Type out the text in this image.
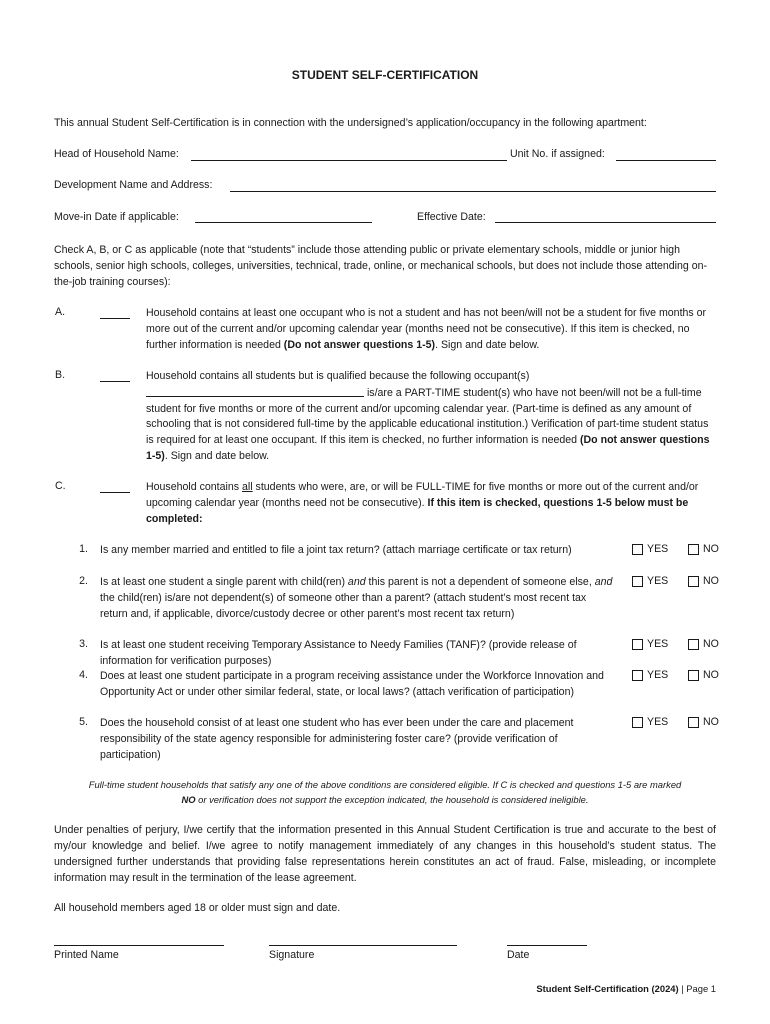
STUDENT SELF-CERTIFICATION
This annual Student Self-Certification is in connection with the undersigned’s application/occupancy in the following apartment:
Head of Household Name:	Unit No. if assigned:
Development Name and Address:
Move-in Date if applicable:	Effective Date:
Check A, B, or C as applicable (note that “students” include those attending public or private elementary schools, middle or junior high schools, senior high schools, colleges, universities, technical, trade, online, or mechanical schools, but does not include those attending on-the-job training courses):
A.	Household contains at least one occupant who is not a student and has not been/will not be a student for five months or more out of the current and/or upcoming calendar year (months need not be consecutive). If this item is checked, no further information is needed (Do not answer questions 1-5). Sign and date below.
B.	Household contains all students but is qualified because the following occupant(s)
is/are a PART-TIME student(s) who have not been/will not be a full-time student for five months or more of the current and/or upcoming calendar year. (Part-time is defined as any amount of schooling that is not considered full-time by the applicable educational institution.) Verification of part-time student status is required for at least one occupant. If this item is checked, no further information is needed (Do not answer questions 1-5). Sign and date below.
C.	Household contains all students who were, are, or will be FULL-TIME for five months or more out of the current and/or upcoming calendar year (months need not be consecutive). If this item is checked, questions 1-5 below must be completed:
1. Is any member married and entitled to file a joint tax return? (attach marriage certificate or tax return)	YES	NO
2. Is at least one student a single parent with child(ren) and this parent is not a dependent of someone else, and the child(ren) is/are not dependent(s) of someone other than a parent? (attach student’s most recent tax return and, if applicable, divorce/custody decree or other parent’s most recent tax return)
YES	NO
3. Is at least one student receiving Temporary Assistance to Needy Families (TANF)? (provide release of information for verification purposes)
YES	NO
4. Does at least one student participate in a program receiving assistance under the Workforce Innovation and Opportunity Act or under other similar federal, state, or local laws? (attach verification of participation)
YES	NO
5. Does the household consist of at least one student who has ever been under the care and placement responsibility of the state agency responsible for administering foster care? (provide verification of participation)
YES	NO
Full-time student households that satisfy any one of the above conditions are considered eligible. If C is checked and questions 1-5 are marked
NO or verification does not support the exception indicated, the household is considered ineligible.
Under penalties of perjury, I/we certify that the information presented in this Annual Student Certification is true and accurate to the best of my/our knowledge and belief. I/we agree to notify management immediately of any changes in this household’s student status. The undersigned further understands that providing false representations herein constitutes an act of fraud. False, misleading, or incomplete information may result in the termination of the lease agreement.
All household members aged 18 or older must sign and date.
Printed Name	Signature	Date
Student Self-Certification (2024) | Page 1
